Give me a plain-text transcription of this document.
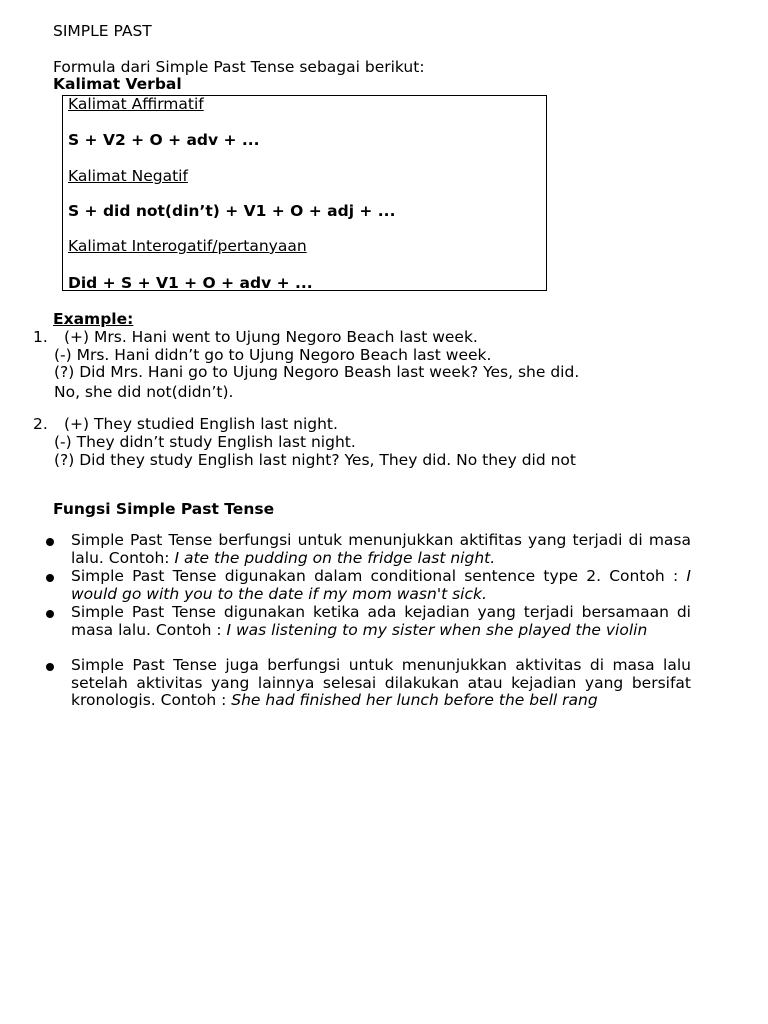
SIMPLE PAST
Formula dari Simple Past Tense sebagai berikut:
Kalimat Verbal
Kalimat Affirmatif
S + V2 + O + adv + ...
Kalimat Negatif
S + did not(din’t) + V1 + O + adj + ...
Kalimat Interogatif/pertanyaan
Did + S + V1 + O + adv + ...
Example:
1. (+) Mrs. Hani went to Ujung Negoro Beach last week.
(-) Mrs. Hani didn’t go to Ujung Negoro Beach last week.
(?) Did Mrs. Hani go to Ujung Negoro Beash last week? Yes, she did.
No, she did not(didn’t).
2. (+) They studied English last night.
(-) They didn’t study English last night.
(?) Did they study English last night? Yes, They did. No they did not
Fungsi Simple Past Tense
Simple Past Tense berfungsi untuk menunjukkan aktifitas yang terjadi di masa lalu. Contoh: I ate the pudding on the fridge last night.
Simple Past Tense digunakan dalam conditional sentence type 2. Contoh : I would go with you to the date if my mom wasn't sick.
Simple Past Tense digunakan ketika ada kejadian yang terjadi bersamaan di masa lalu. Contoh : I was listening to my sister when she played the violin
Simple Past Tense juga berfungsi untuk menunjukkan aktivitas di masa lalu setelah aktivitas yang lainnya selesai dilakukan atau kejadian yang bersifat kronologis. Contoh : She had finished her lunch before the bell rang
